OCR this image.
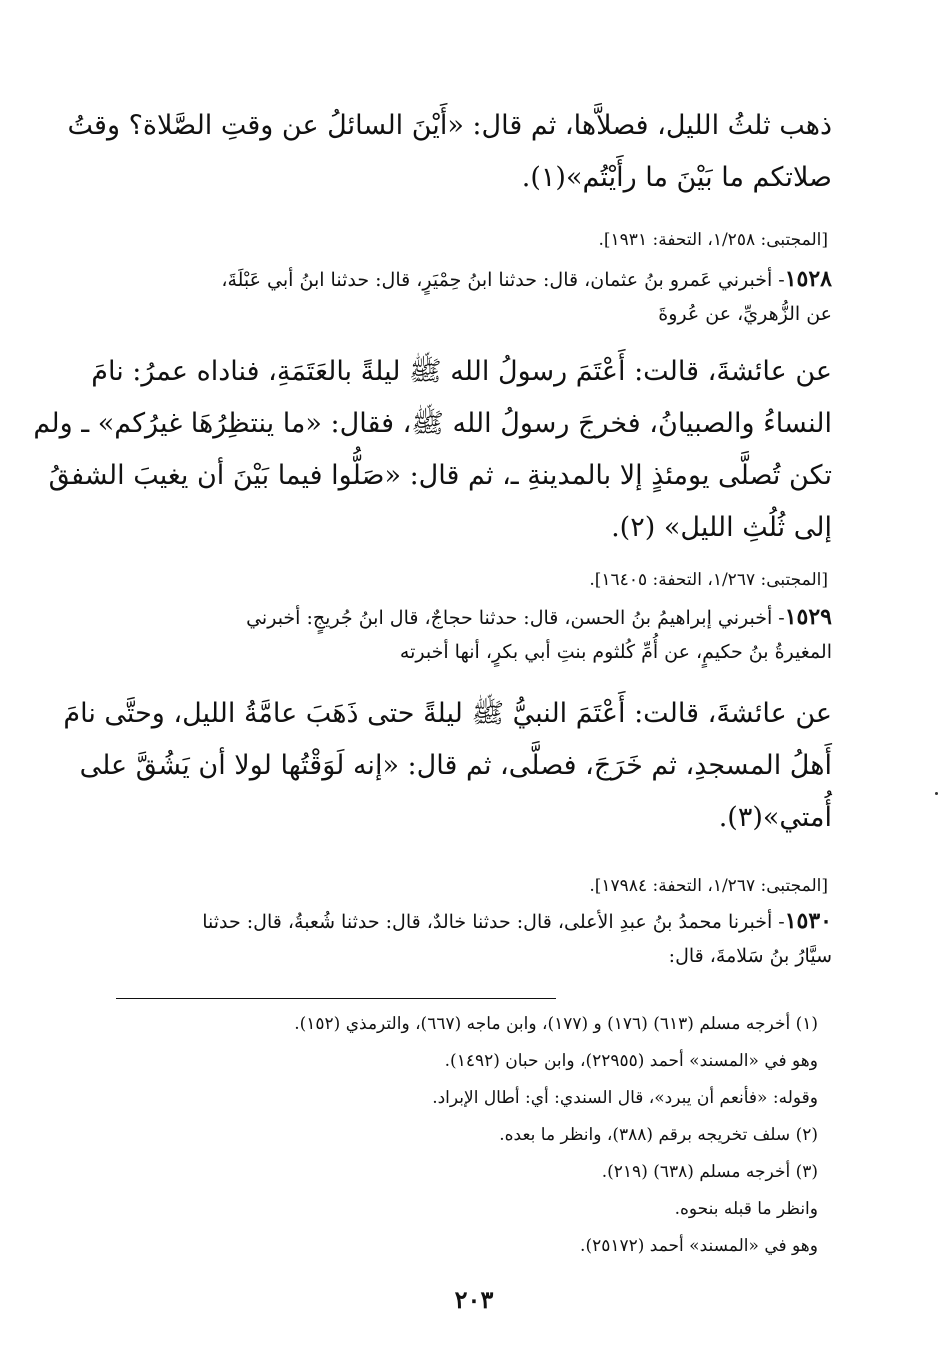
ذهب ثلثُ الليل، فصلاَّها، ثم قال: «أَيْنَ السائلُ عن وقتِ الصَّلاة؟ وقتُ
صلاتكم ما بَيْنَ ما رأَيْتُم»(١).
[المجتبى: ١/٢٥٨، التحفة: ١٩٣١].
١٥٢٨- أخبرني عَمرو بنُ عثمان، قال: حدثنا ابنُ حِمْيَرٍ، قال: حدثنا ابنُ أبي عَبْلَةَ،
عن الزُّهريِّ، عن عُروةَ
عن عائشةَ، قالت: أَعْتَمَ رسولُ الله ﷺ ليلةً بالعَتَمَةِ، فناداه عمرُ: نامَ
النساءُ والصبيانُ، فخرجَ رسولُ الله ﷺ، فقال: «ما ينتظِرُهَا غيرُكم» ـ ولم
تكن تُصلَّى يومئذٍ إلا بالمدينةِ ـ، ثم قال: «صَلُّوا فيما بَيْنَ أن يغيبَ الشفقُ
إلى ثُلُثِ الليل» (٢).
[المجتبى: ١/٢٦٧، التحفة: ١٦٤٠٥].
١٥٢٩- أخبرني إبراهيمُ بنُ الحسن، قال: حدثنا حجاجٌ، قال ابنُ جُريجٍ: أخبرني
المغيرةُ بنُ حكيمٍ، عن أُمِّ كُلثوم بنتِ أبي بكرٍ، أنها أخبرته
عن عائشةَ، قالت: أَعْتَمَ النبيُّ ﷺ ليلةً حتى ذَهَبَ عامَّةُ الليل، وحتَّى نامَ
أَهلُ المسجدِ، ثم خَرَجَ، فصلَّى، ثم قال: «إنه لَوَقْتُها لولا أن يَشُقَّ على
أُمتي»(٣).
[المجتبى: ١/٢٦٧، التحفة: ١٧٩٨٤].
١٥٣٠- أخبرنا محمدُ بنُ عبدِ الأعلى، قال: حدثنا خالدٌ، قال: حدثنا شُعبةُ، قال: حدثنا
سيَّارُ بنُ سَلامةَ، قال:
(١) أخرجه مسلم (٦١٣) (١٧٦) و (١٧٧)، وابن ماجه (٦٦٧)، والترمذي (١٥٢).
وهو في «المسند» أحمد (٢٢٩٥٥)، وابن حبان (١٤٩٢).
وقوله: «فأنعم أن يبرد»، قال السندي: أي: أطال الإبراد.
(٢) سلف تخريجه برقم (٣٨٨)، وانظر ما بعده.
(٣) أخرجه مسلم (٦٣٨) (٢١٩).
وانظر ما قبله بنحوه.
وهو في «المسند» أحمد (٢٥١٧٢).
٢٠٣
